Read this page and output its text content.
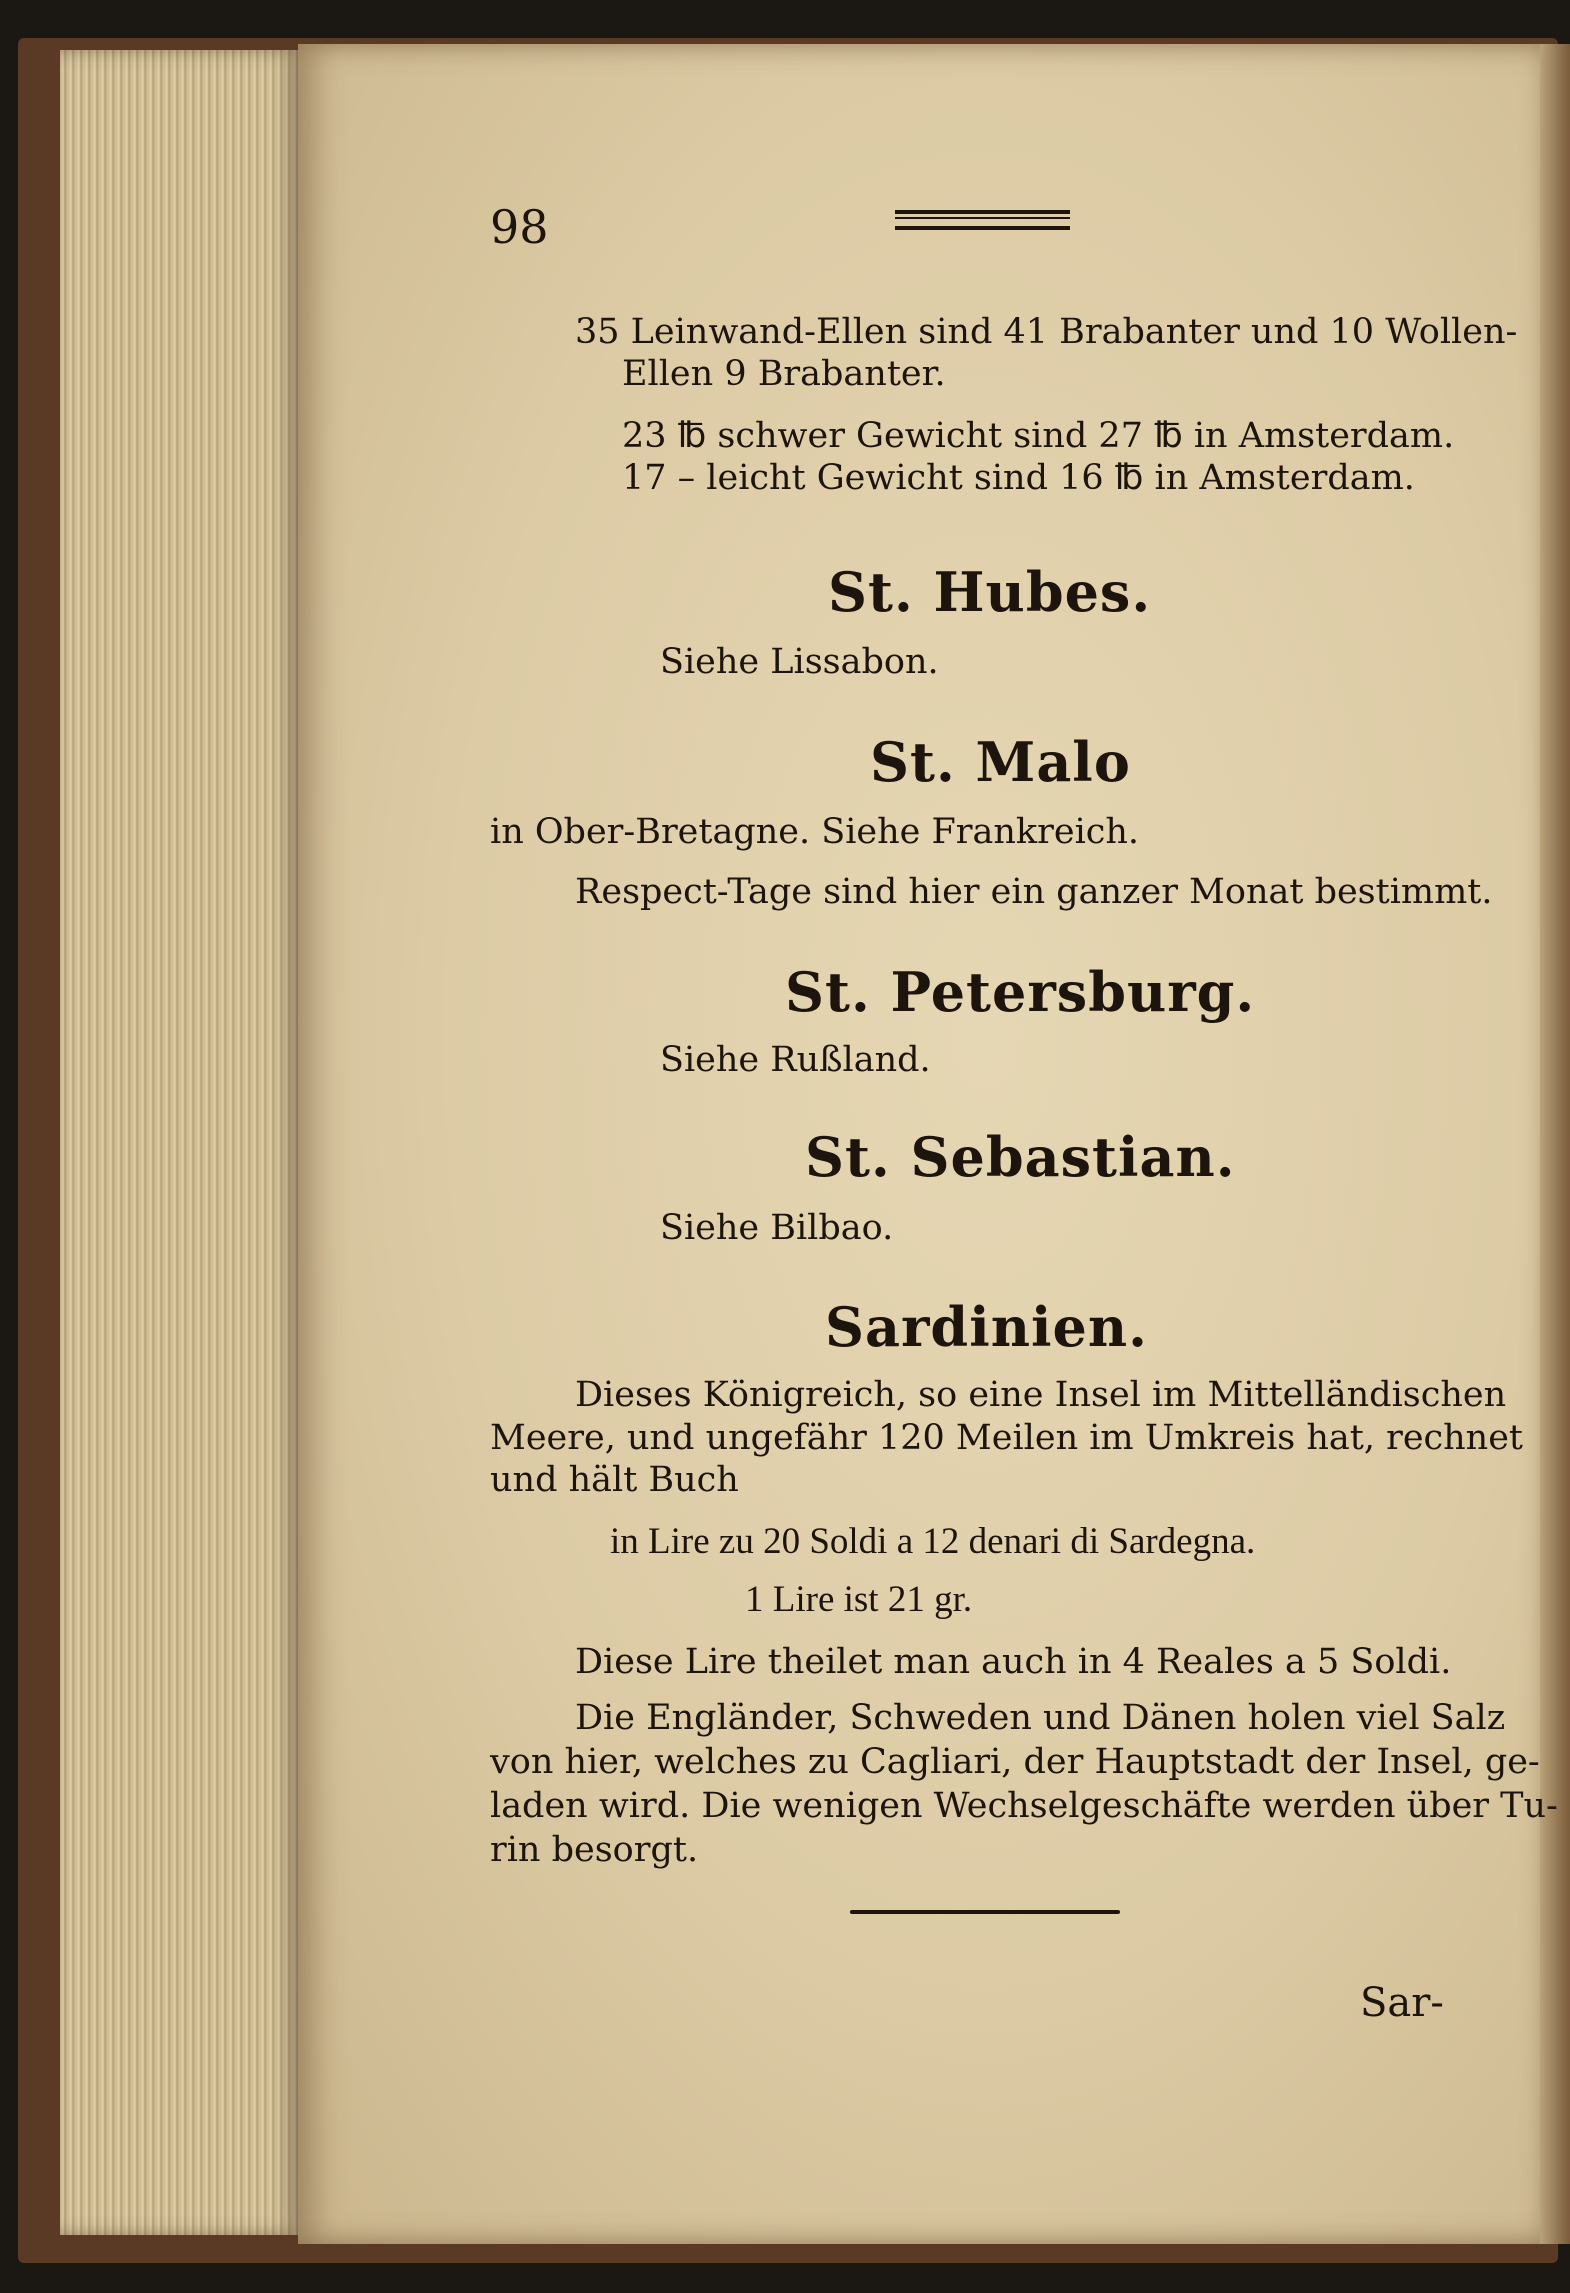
98
35 Leinwand-Ellen sind 41 Brabanter und 10 Wollen-
Ellen 9 Brabanter.
23 ℔ schwer Gewicht sind 27 ℔ in Amsterdam.
17 – leicht Gewicht sind 16 ℔ in Amsterdam.
St. Hubes.
Siehe Lissabon.
St. Malo
in Ober-Bretagne. Siehe Frankreich.
Respect-Tage sind hier ein ganzer Monat bestimmt.
St. Petersburg.
Siehe Rußland.
St. Sebastian.
Siehe Bilbao.
Sardinien.
Dieses Königreich, so eine Insel im Mittelländischen
Meere, und ungefähr 120 Meilen im Umkreis hat, rechnet
und hält Buch
in Lire zu 20 Soldi a 12 denari di Sardegna.
1 Lire ist 21 gr.
Diese Lire theilet man auch in 4 Reales a 5 Soldi.
Die Engländer, Schweden und Dänen holen viel Salz
von hier, welches zu Cagliari, der Hauptstadt der Insel, ge-
laden wird. Die wenigen Wechselgeschäfte werden über Tu-
rin besorgt.
Sar-
